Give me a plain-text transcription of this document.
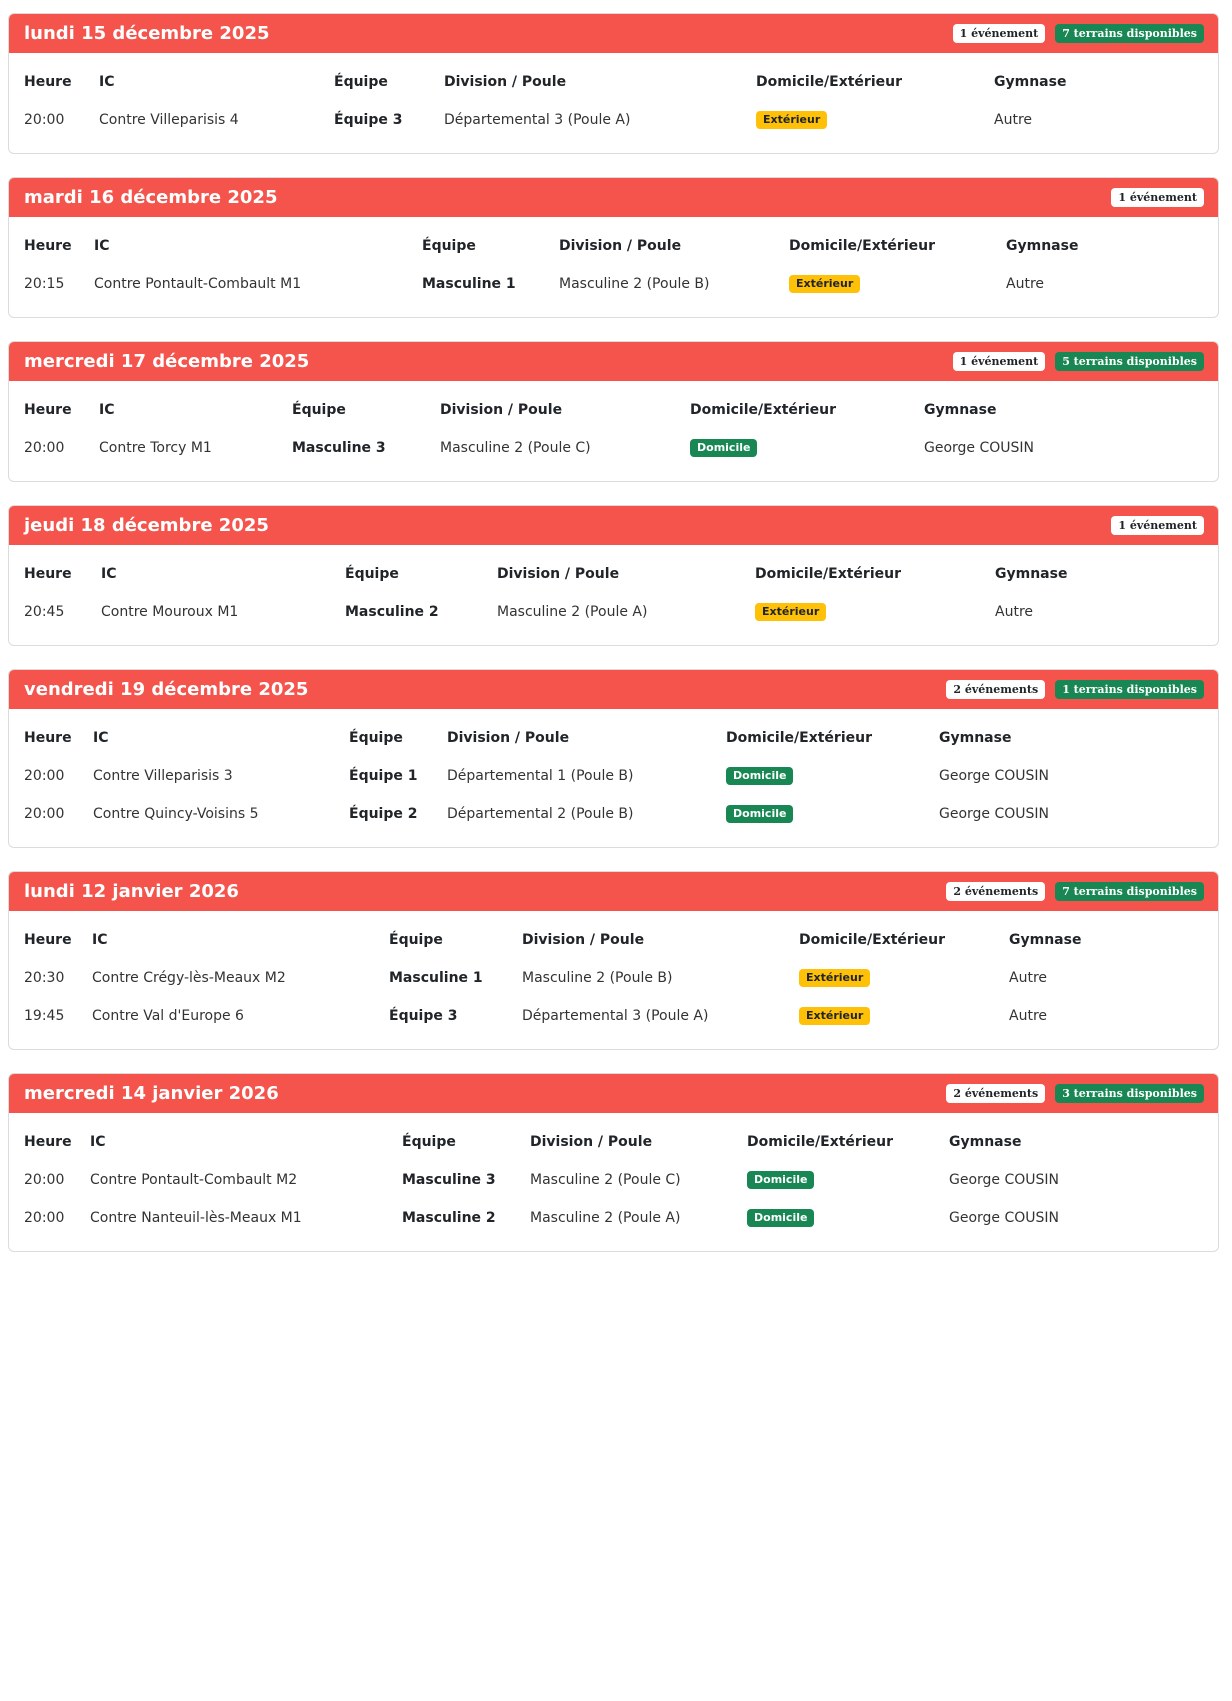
lundi 15 décembre 2025	1 événement	7 terrains disponibles
Heure	IC	Équipe	Division / Poule	Domicile/Extérieur	Gymnase
20:00	Contre Villeparisis 4	Équipe 3	Départemental 3 (Poule A)	Extérieur	Autre
mardi 16 décembre 2025	1 événement
Heure	IC	Équipe	Division / Poule	Domicile/Extérieur	Gymnase
20:15	Contre Pontault-Combault M1	Masculine 1	Masculine 2 (Poule B)	Extérieur	Autre
mercredi 17 décembre 2025	1 événement	5 terrains disponibles
Heure	IC	Équipe	Division / Poule	Domicile/Extérieur	Gymnase
20:00	Contre Torcy M1	Masculine 3	Masculine 2 (Poule C)	Domicile	George COUSIN
jeudi 18 décembre 2025	1 événement
Heure	IC	Équipe	Division / Poule	Domicile/Extérieur	Gymnase
20:45	Contre Mouroux M1	Masculine 2	Masculine 2 (Poule A)	Extérieur	Autre
vendredi 19 décembre 2025	2 événements	1 terrains disponibles
Heure	IC	Équipe	Division / Poule	Domicile/Extérieur	Gymnase
20:00	Contre Villeparisis 3	Équipe 1	Départemental 1 (Poule B)	Domicile	George COUSIN
20:00	Contre Quincy-Voisins 5	Équipe 2	Départemental 2 (Poule B)	Domicile	George COUSIN
lundi 12 janvier 2026	2 événements	7 terrains disponibles
Heure	IC	Équipe	Division / Poule	Domicile/Extérieur	Gymnase
20:30	Contre Crégy-lès-Meaux M2	Masculine 1	Masculine 2 (Poule B)	Extérieur	Autre
19:45	Contre Val d'Europe 6	Équipe 3	Départemental 3 (Poule A)	Extérieur	Autre
mercredi 14 janvier 2026	2 événements	3 terrains disponibles
Heure	IC	Équipe	Division / Poule	Domicile/Extérieur	Gymnase
20:00	Contre Pontault-Combault M2	Masculine 3	Masculine 2 (Poule C)	Domicile	George COUSIN
20:00	Contre Nanteuil-lès-Meaux M1	Masculine 2	Masculine 2 (Poule A)	Domicile	George COUSIN
